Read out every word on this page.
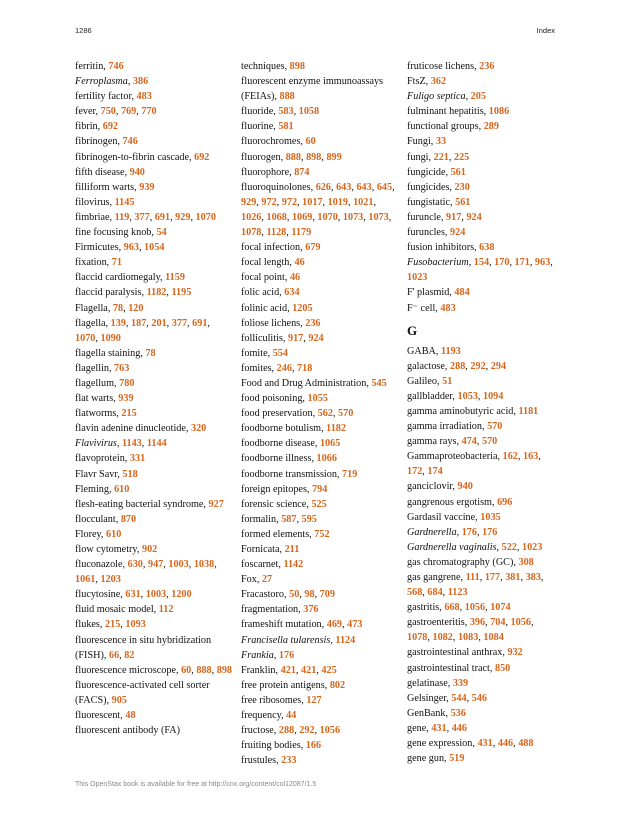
1286	Index
ferritin, 746
Ferroplasma, 386
fertility factor, 483
fever, 750, 769, 770
fibrin, 692
fibrinogen, 746
fibrinogen-to-fibrin cascade, 692
fifth disease, 940
filliform warts, 939
filovirus, 1145
fimbriae, 119, 377, 691, 929, 1070
fine focusing knob, 54
Firmicutes, 963, 1054
fixation, 71
flaccid cardiomegaly, 1159
flaccid paralysis, 1182, 1195
Flagella, 78, 120
flagella, 139, 187, 201, 377, 691, 1070, 1090
flagella staining, 78
flagellin, 763
flagellum, 780
flat warts, 939
flatworms, 215
flavin adenine dinucleotide, 320
Flavivirus, 1143, 1144
flavoprotein, 331
Flavr Savr, 518
Fleming, 610
flesh-eating bacterial syndrome, 927
flocculant, 870
Florey, 610
flow cytometry, 902
fluconazole, 630, 947, 1003, 1038, 1061, 1203
flucytosine, 631, 1003, 1200
fluid mosaic model, 112
flukes, 215, 1093
fluorescence in situ hybridization (FISH), 66, 82
fluorescence microscope, 60, 888, 898
fluorescence-activated cell sorter (FACS), 905
fluorescent, 48
fluorescent antibody (FA)
techniques, 898
fluorescent enzyme immunoassays (FEIAs), 888
fluoride, 583, 1058
fluorine, 581
fluorochromes, 60
fluorogen, 888, 898, 899
fluorophore, 874
fluoroquinolones, 626, 643, 643, 645, 929, 972, 972, 1017, 1019, 1021, 1026, 1068, 1069, 1070, 1073, 1073, 1078, 1128, 1179
focal infection, 679
focal length, 46
focal point, 46
folic acid, 634
folinic acid, 1205
foliose lichens, 236
folliculitis, 917, 924
fomite, 554
fomites, 246, 718
Food and Drug Administration, 545
food poisoning, 1055
food preservation, 562, 570
foodborne botulism, 1182
foodborne disease, 1065
foodborne illness, 1066
foodborne transmission, 719
foreign epitopes, 794
forensic science, 525
formalin, 587, 595
formed elements, 752
Fornicata, 211
foscarnet, 1142
Fox, 27
Fracastoro, 50, 98, 709
fragmentation, 376
frameshift mutation, 469, 473
Francisella tularensis, 1124
Frankia, 176
Franklin, 421, 421, 425
free protein antigens, 802
free ribosomes, 127
frequency, 44
fructose, 288, 292, 1056
fruiting bodies, 166
frustules, 233
fruticose lichens, 236
FtsZ, 362
Fuligo septica, 205
fulminant hepatitis, 1086
functional groups, 289
Fungi, 33
fungi, 221, 225
fungicide, 561
fungicides, 230
fungistatic, 561
furuncle, 917, 924
furuncles, 924
fusion inhibitors, 638
Fusobacterium, 154, 170, 171, 963, 1023
F' plasmid, 484
F⁻ cell, 483
G
GABA, 1193
galactose, 288, 292, 294
Galileo, 51
gallbladder, 1053, 1094
gamma aminobutyric acid, 1181
gamma irradiation, 570
gamma rays, 474, 570
Gammaproteobacteria, 162, 163, 172, 174
ganciclovir, 940
gangrenous ergotism, 696
Gardasil vaccine, 1035
Gardnerella, 176, 176
Gardnerella vaginalis, 522, 1023
gas chromatography (GC), 308
gas gangrene, 111, 177, 381, 383, 568, 684, 1123
gastritis, 668, 1056, 1074
gastroenteritis, 396, 704, 1056, 1078, 1082, 1083, 1084
gastrointestinal anthrax, 932
gastrointestinal tract, 850
gelatinase, 339
Gelsinger, 544, 546
GenBank, 536
gene, 431, 446
gene expression, 431, 446, 488
gene gun, 519
This OpenStax book is available for free at http://cnx.org/content/col12087/1.5
